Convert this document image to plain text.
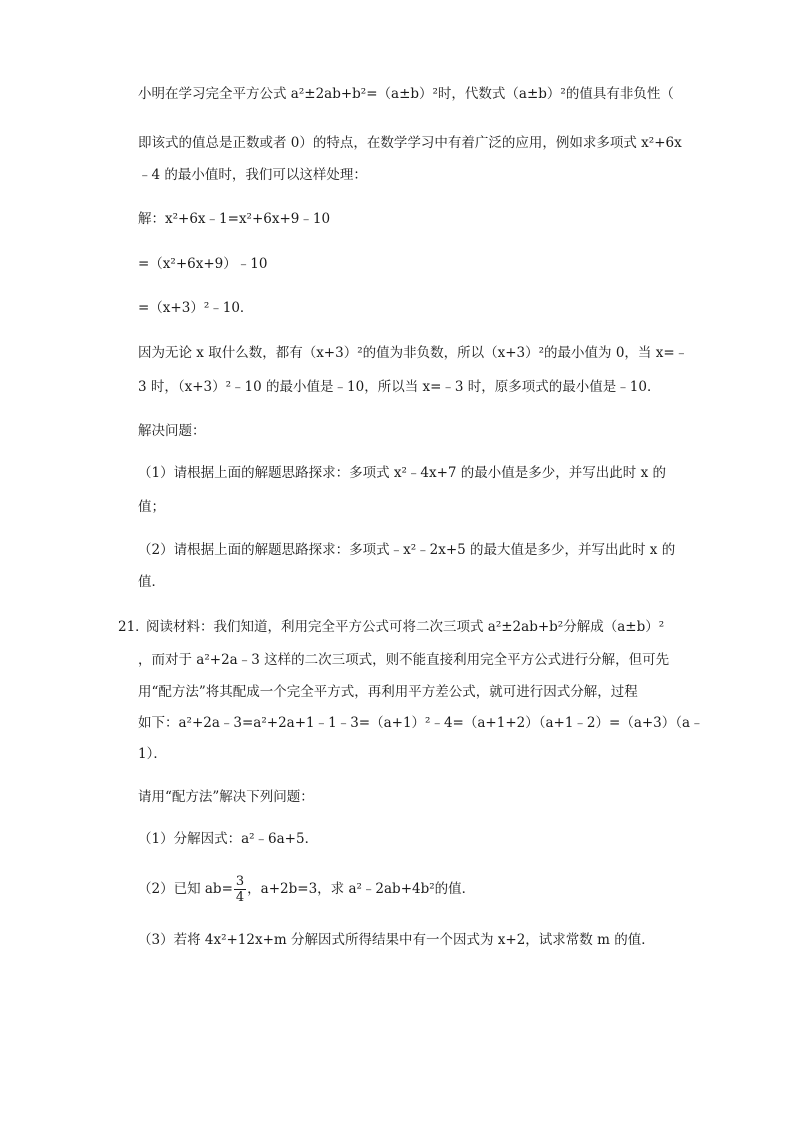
小明在学习完全平方公式 a²±2ab+b²=（a±b）²时，代数式（a±b）²的值具有非负性（
即该式的值总是正数或者 0）的特点，在数学学习中有着广泛的应用，例如求多项式 x²+6x
﹣4 的最小值时，我们可以这样处理：
解：x²+6x﹣1=x²+6x+9﹣10
=（x²+6x+9）﹣10
=（x+3）²﹣10．
因为无论 x 取什么数，都有（x+3）²的值为非负数，所以（x+3）²的最小值为 0，当 x=﹣
3 时，（x+3）²﹣10 的最小值是﹣10，所以当 x=﹣3 时，原多项式的最小值是﹣10．
解决问题：
（1）请根据上面的解题思路探求：多项式 x²﹣4x+7 的最小值是多少，并写出此时 x 的
值；
（2）请根据上面的解题思路探求：多项式﹣x²﹣2x+5 的最大值是多少，并写出此时 x 的
值．
21．
阅读材料：我们知道，利用完全平方公式可将二次三项式 a²±2ab+b²分解成（a±b）²
，而对于 a²+2a﹣3 这样的二次三项式，则不能直接利用完全平方公式进行分解，但可先
用“配方法”将其配成一个完全平方式，再利用平方差公式，就可进行因式分解，过程
如下：a²+2a﹣3=a²+2a+1﹣1﹣3=（a+1）²﹣4=（a+1+2）（a+1﹣2）=（a+3）（a﹣
1）．
请用“配方法”解决下列问题：
（1）分解因式：a²﹣6a+5．
（2）已知 $ab= \frac{3}{4}$ ，a+2b=3，求 a²﹣2ab+4b²的值．
（3）若将 4x²+12x+m 分解因式所得结果中有一个因式为 x+2，试求常数 m 的值．
